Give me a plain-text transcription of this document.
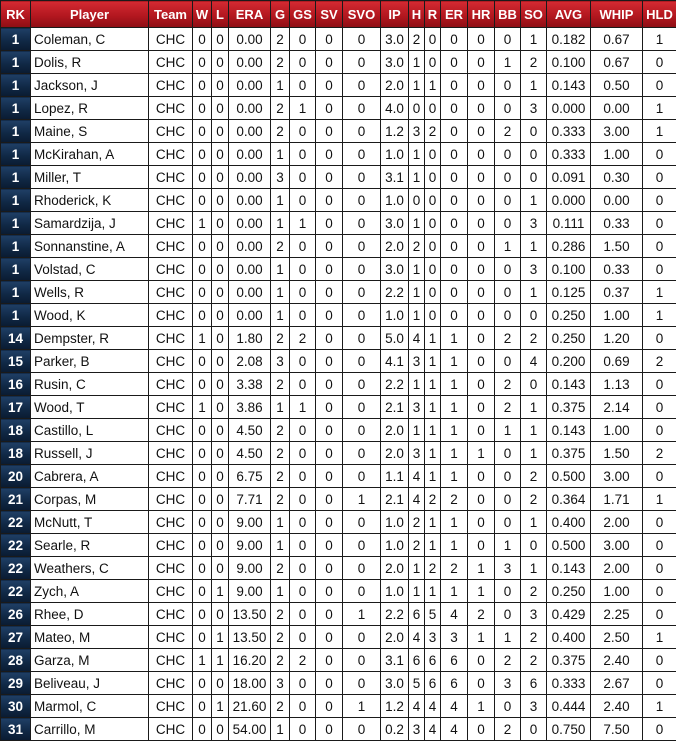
RK	Player	Team	W	L	ERA	G	GS	SV	SVO	IP	H	R	ER	HR	BB	SO	AVG	WHIP	HLD
1	Coleman, C	CHC	0	0	0.00	2	0	0	0	3.0	2	0	0	0	0	1	0.182	0.67	1
1	Dolis, R	CHC	0	0	0.00	2	0	0	0	3.0	1	0	0	0	1	2	0.100	0.67	0
1	Jackson, J	CHC	0	0	0.00	1	0	0	0	2.0	1	1	0	0	0	1	0.143	0.50	0
1	Lopez, R	CHC	0	0	0.00	2	1	0	0	4.0	0	0	0	0	0	3	0.000	0.00	1
1	Maine, S	CHC	0	0	0.00	2	0	0	0	1.2	3	2	0	0	2	0	0.333	3.00	1
1	McKirahan, A	CHC	0	0	0.00	1	0	0	0	1.0	1	0	0	0	0	0	0.333	1.00	0
1	Miller, T	CHC	0	0	0.00	3	0	0	0	3.1	1	0	0	0	0	0	0.091	0.30	0
1	Rhoderick, K	CHC	0	0	0.00	1	0	0	0	1.0	0	0	0	0	0	1	0.000	0.00	0
1	Samardzija, J	CHC	1	0	0.00	1	1	0	0	3.0	1	0	0	0	0	3	0.111	0.33	0
1	Sonnanstine, A	CHC	0	0	0.00	2	0	0	0	2.0	2	0	0	0	1	1	0.286	1.50	0
1	Volstad, C	CHC	0	0	0.00	1	0	0	0	3.0	1	0	0	0	0	3	0.100	0.33	0
1	Wells, R	CHC	0	0	0.00	1	0	0	0	2.2	1	0	0	0	0	1	0.125	0.37	1
1	Wood, K	CHC	0	0	0.00	1	0	0	0	1.0	1	0	0	0	0	0	0.250	1.00	1
14	Dempster, R	CHC	1	0	1.80	2	2	0	0	5.0	4	1	1	0	2	2	0.250	1.20	0
15	Parker, B	CHC	0	0	2.08	3	0	0	0	4.1	3	1	1	0	0	4	0.200	0.69	2
16	Rusin, C	CHC	0	0	3.38	2	0	0	0	2.2	1	1	1	0	2	0	0.143	1.13	0
17	Wood, T	CHC	1	0	3.86	1	1	0	0	2.1	3	1	1	0	2	1	0.375	2.14	0
18	Castillo, L	CHC	0	0	4.50	2	0	0	0	2.0	1	1	1	0	1	1	0.143	1.00	0
18	Russell, J	CHC	0	0	4.50	2	0	0	0	2.0	3	1	1	1	0	1	0.375	1.50	2
20	Cabrera, A	CHC	0	0	6.75	2	0	0	0	1.1	4	1	1	0	0	2	0.500	3.00	0
21	Corpas, M	CHC	0	0	7.71	2	0	0	1	2.1	4	2	2	0	0	2	0.364	1.71	1
22	McNutt, T	CHC	0	0	9.00	1	0	0	0	1.0	2	1	1	0	0	1	0.400	2.00	0
22	Searle, R	CHC	0	0	9.00	1	0	0	0	1.0	2	1	1	0	1	0	0.500	3.00	0
22	Weathers, C	CHC	0	0	9.00	2	0	0	0	2.0	1	2	2	1	3	1	0.143	2.00	0
22	Zych, A	CHC	0	1	9.00	1	0	0	0	1.0	1	1	1	1	0	2	0.250	1.00	0
26	Rhee, D	CHC	0	0	13.50	2	0	0	1	2.2	6	5	4	2	0	3	0.429	2.25	0
27	Mateo, M	CHC	0	1	13.50	2	0	0	0	2.0	4	3	3	1	1	2	0.400	2.50	1
28	Garza, M	CHC	1	1	16.20	2	2	0	0	3.1	6	6	6	0	2	2	0.375	2.40	0
29	Beliveau, J	CHC	0	0	18.00	3	0	0	0	3.0	5	6	6	0	3	6	0.333	2.67	0
30	Marmol, C	CHC	0	1	21.60	2	0	0	1	1.2	4	4	4	1	0	3	0.444	2.40	1
31	Carrillo, M	CHC	0	0	54.00	1	0	0	0	0.2	3	4	4	0	2	0	0.750	7.50	0
